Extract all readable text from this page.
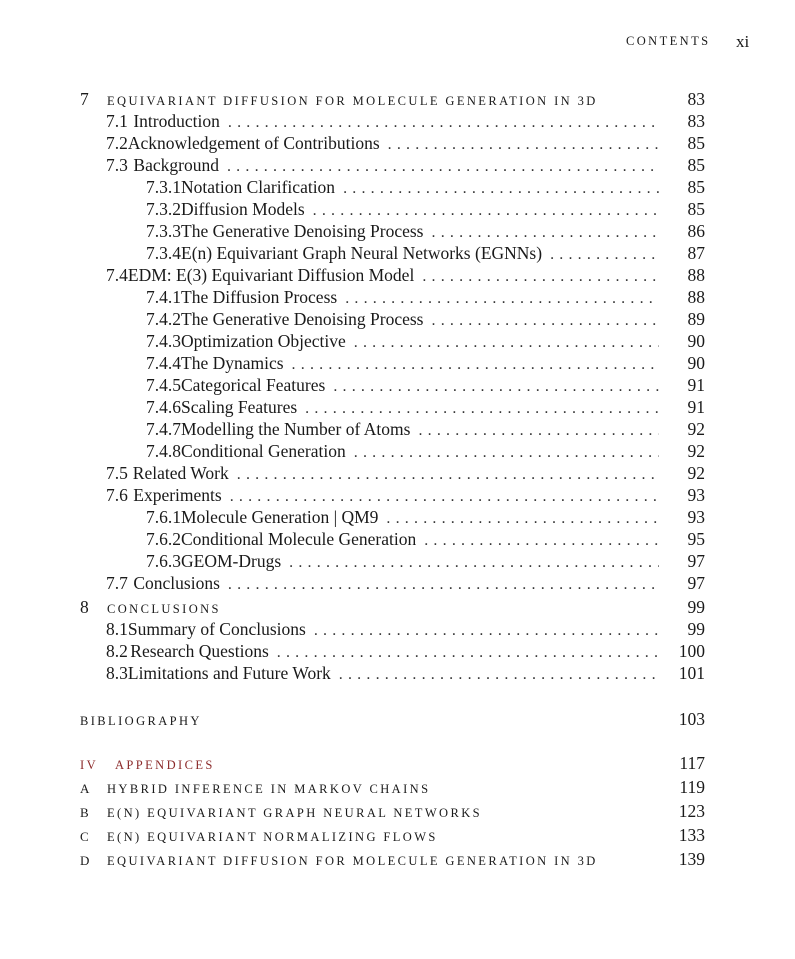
CONTENTS xi
7	EQUIVARIANT DIFFUSION FOR MOLECULE GENERATION IN 3D	83
7.1 Introduction . . .	83
7.2 Acknowledgement of Contributions . . .	85
7.3 Background . . .	85
7.3.1 Notation Clarification . . .	85
7.3.2 Diffusion Models . . .	85
7.3.3 The Generative Denoising Process . . .	86
7.3.4 E(n) Equivariant Graph Neural Networks (EGNNs) . . .	87
7.4 EDM: E(3) Equivariant Diffusion Model . . .	88
7.4.1 The Diffusion Process . . .	88
7.4.2 The Generative Denoising Process . . .	89
7.4.3 Optimization Objective . . .	90
7.4.4 The Dynamics . . .	90
7.4.5 Categorical Features . . .	91
7.4.6 Scaling Features . . .	91
7.4.7 Modelling the Number of Atoms . . .	92
7.4.8 Conditional Generation . . .	92
7.5 Related Work . . .	92
7.6 Experiments . . .	93
7.6.1 Molecule Generation | QM9 . . .	93
7.6.2 Conditional Molecule Generation . . .	95
7.6.3 GEOM-Drugs . . .	97
7.7 Conclusions . . .	97
8	CONCLUSIONS	99
8.1 Summary of Conclusions . . .	99
8.2 Research Questions . . .	100
8.3 Limitations and Future Work . . .	101
BIBLIOGRAPHY	103
IV	APPENDICES	117
A	HYBRID INFERENCE IN MARKOV CHAINS	119
B	E(N) EQUIVARIANT GRAPH NEURAL NETWORKS	123
C	E(N) EQUIVARIANT NORMALIZING FLOWS	133
D	EQUIVARIANT DIFFUSION FOR MOLECULE GENERATION IN 3D	139
